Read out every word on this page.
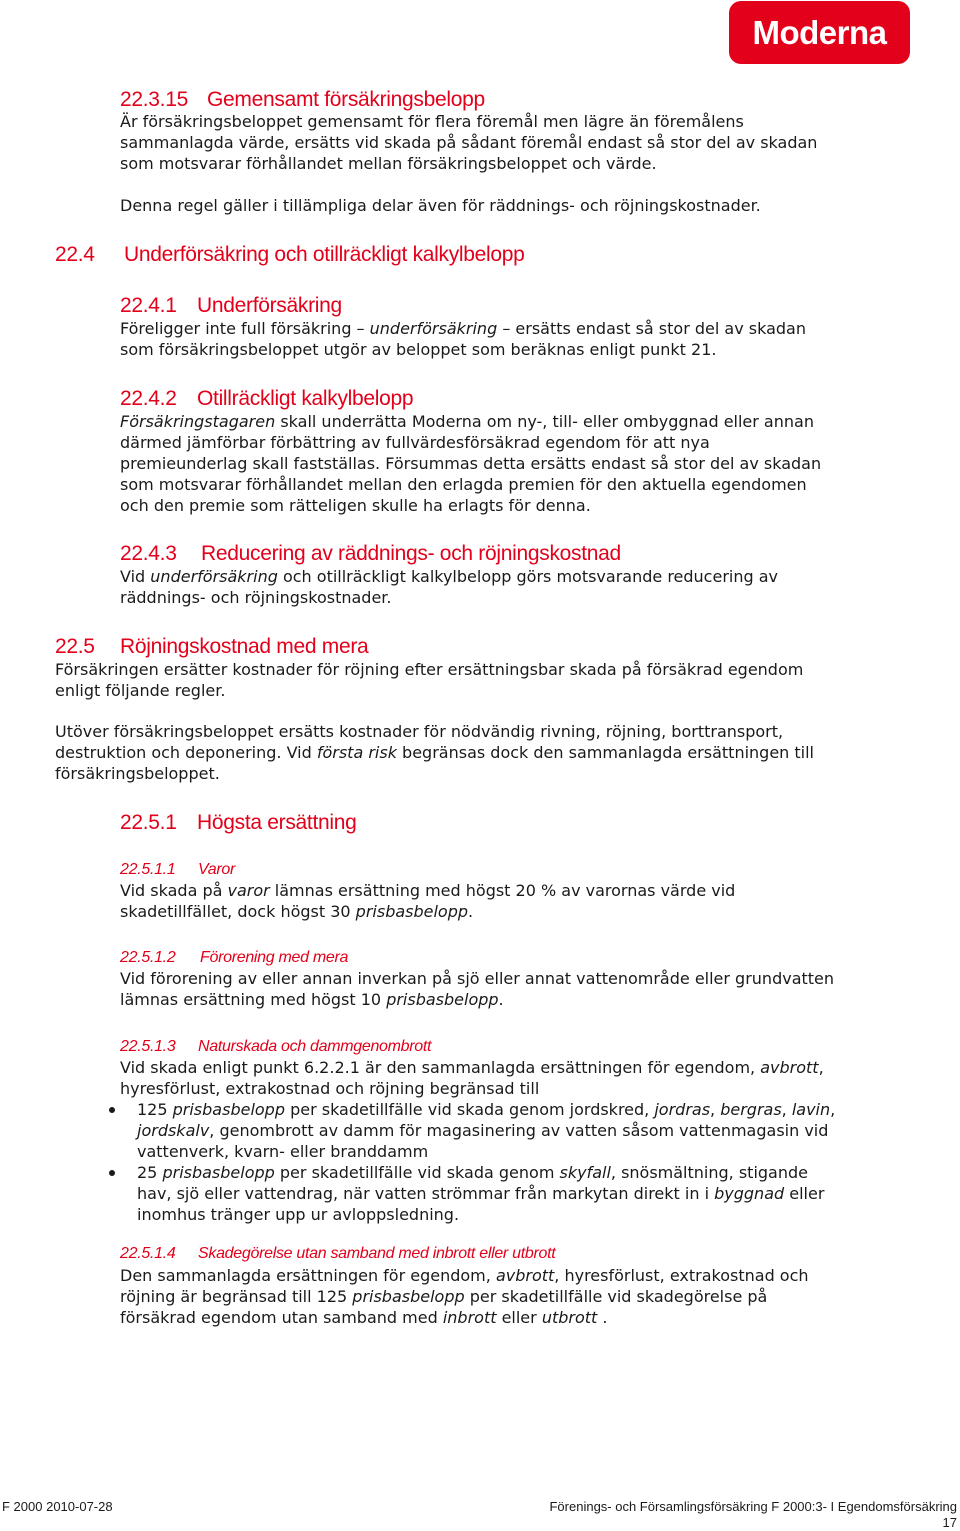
Moderna
22.3.15 Gemensamt försäkringsbelopp
Är försäkringsbeloppet gemensamt för flera föremål men lägre än föremålens
sammanlagda värde, ersätts vid skada på sådant föremål endast så stor del av skadan
som motsvarar förhållandet mellan försäkringsbeloppet och värde.
Denna regel gäller i tillämpliga delar även för räddnings- och röjningskostnader.
22.4 Underförsäkring och otillräckligt kalkylbelopp
22.4.1 Underförsäkring
Föreligger inte full försäkring – underförsäkring – ersätts endast så stor del av skadan
som försäkringsbeloppet utgör av beloppet som beräknas enligt punkt 21.
22.4.2 Otillräckligt kalkylbelopp
Försäkringstagaren skall underrätta Moderna om ny-, till- eller ombyggnad eller annan
därmed jämförbar förbättring av fullvärdesförsäkrad egendom för att nya
premieunderlag skall fastställas. Försummas detta ersätts endast så stor del av skadan
som motsvarar förhållandet mellan den erlagda premien för den aktuella egendomen
och den premie som rätteligen skulle ha erlagts för denna.
22.4.3 Reducering av räddnings- och röjningskostnad
Vid underförsäkring och otillräckligt kalkylbelopp görs motsvarande reducering av
räddnings- och röjningskostnader.
22.5 Röjningskostnad med mera
Försäkringen ersätter kostnader för röjning efter ersättningsbar skada på försäkrad egendom
enligt följande regler.
Utöver försäkringsbeloppet ersätts kostnader för nödvändig rivning, röjning, borttransport,
destruktion och deponering. Vid första risk begränsas dock den sammanlagda ersättningen till
försäkringsbeloppet.
22.5.1 Högsta ersättning
22.5.1.1 Varor
Vid skada på varor lämnas ersättning med högst 20 % av varornas värde vid
skadetillfället, dock högst 30 prisbasbelopp.
22.5.1.2 Förorening med mera
Vid förorening av eller annan inverkan på sjö eller annat vattenområde eller grundvatten
lämnas ersättning med högst 10 prisbasbelopp.
22.5.1.3 Naturskada och dammgenombrott
Vid skada enligt punkt 6.2.2.1 är den sammanlagda ersättningen för egendom, avbrott,
hyresförlust, extrakostnad och röjning begränsad till
125 prisbasbelopp per skadetillfälle vid skada genom jordskred, jordras, bergras, lavin,
jordskalv, genombrott av damm för magasinering av vatten såsom vattenmagasin vid
vattenverk, kvarn- eller branddamm
25 prisbasbelopp per skadetillfälle vid skada genom skyfall, snösmältning, stigande
hav, sjö eller vattendrag, när vatten strömmar från markytan direkt in i byggnad eller
inomhus tränger upp ur avloppsledning.
22.5.1.4 Skadegörelse utan samband med inbrott eller utbrott
Den sammanlagda ersättningen för egendom, avbrott, hyresförlust, extrakostnad och
röjning är begränsad till 125 prisbasbelopp per skadetillfälle vid skadegörelse på
försäkrad egendom utan samband med inbrott eller utbrott .
F 2000 2010-07-28	Förenings- och Församlingsförsäkring F 2000:3- I Egendomsförsäkring
17
